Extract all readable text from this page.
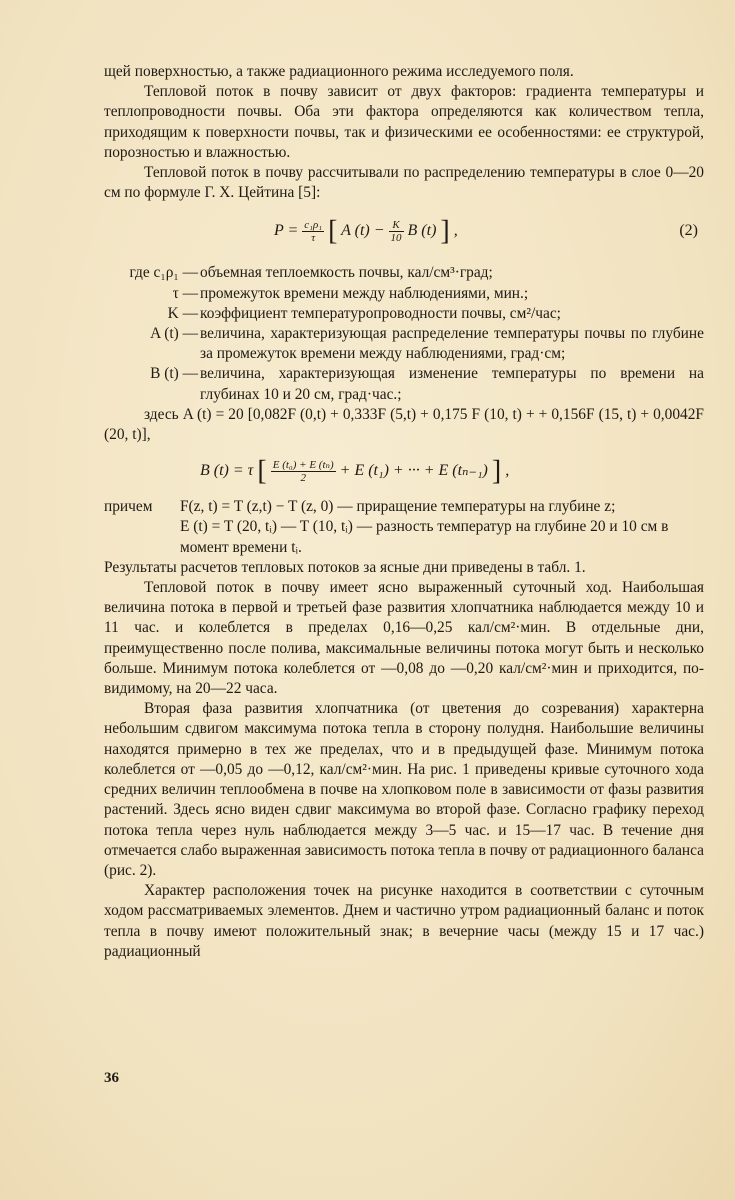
щей поверхностью, а также радиационного режима исследуемого поля.

Тепловой поток в почву зависит от двух факторов: градиента температуры и теплопроводности почвы. Оба эти фактора определяются как количеством тепла, приходящим к поверхности почвы, так и физическими ее особенностями: ее структурой, порозностью и влажностью.

Тепловой поток в почву рассчитывали по распределению температуры в слое 0—20 см по формуле Г. Х. Цейтина [5]:

$P = \frac{\text{c₁ρ₁}}{\tau}$ [ A $(t) - \frac{K}{10}$ B (t) ] ,	(2)
где c₁ρ₁ —	объемная теплоемкость почвы, кал/см³·град;
τ —	промежуток времени между наблюдениями, мин.;
K —	коэффициент температуропроводности почвы, см²/час;
A (t) —	величина, характеризующая распределение температуры почвы по глубине за промежуток времени между наблюдениями, град·см;
B (t) —	величина, характеризующая изменение температуры по времени на глубинах 10 и 20 см, град·час.;

здесь A (t) = 20 [0,082F (0,t) + 0,333F (5,t) + 0,175 F (10, t) + + 0,156F (15, t) + 0,0042F (20, t)],

B (t) = τ [ $\frac{\text{E (t₀) + E (tₙ)}}{2} + E$ (t₁) + ··· + E (tₙ₋₁) ] ,
причем	F(z, t) = T (z,t) − T (z, 0) — приращение температуры на глубине z;
	E (t) = T (20, tᵢ) — T (10, tᵢ) — разность температур на глубине 20 и 10 см в момент времени tᵢ.

Результаты расчетов тепловых потоков за ясные дни приведены в табл. 1.

Тепловой поток в почву имеет ясно выраженный суточный ход. Наибольшая величина потока в первой и третьей фазе развития хлопчатника наблюдается между 10 и 11 час. и колеблется в пределах 0,16—0,25 кал/см²·мин. В отдельные дни, преимущественно после полива, максимальные величины потока могут быть и несколько больше. Минимум потока колеблется от —0,08 до —0,20 кал/см²·мин и приходится, по-видимому, на 20—22 часа.

Вторая фаза развития хлопчатника (от цветения до созревания) характерна небольшим сдвигом максимума потока тепла в сторону полудня. Наибольшие величины находятся примерно в тех же пределах, что и в предыдущей фазе. Минимум потока колеблется от —0,05 до —0,12, кал/см²·мин. На рис. 1 приведены кривые суточного хода средних величин теплообмена в почве на хлопковом поле в зависимости от фазы развития растений. Здесь ясно виден сдвиг максимума во второй фазе. Согласно графику переход потока тепла через нуль наблюдается между 3—5 час. и 15—17 час. В течение дня отмечается слабо выраженная зависимость потока тепла в почву от радиационного баланса (рис. 2).

Характер расположения точек на рисунке находится в соответствии с суточным ходом рассматриваемых элементов. Днем и частично утром радиационный баланс и поток тепла в почву имеют положительный знак; в вечерние часы (между 15 и 17 час.) радиационный

36
